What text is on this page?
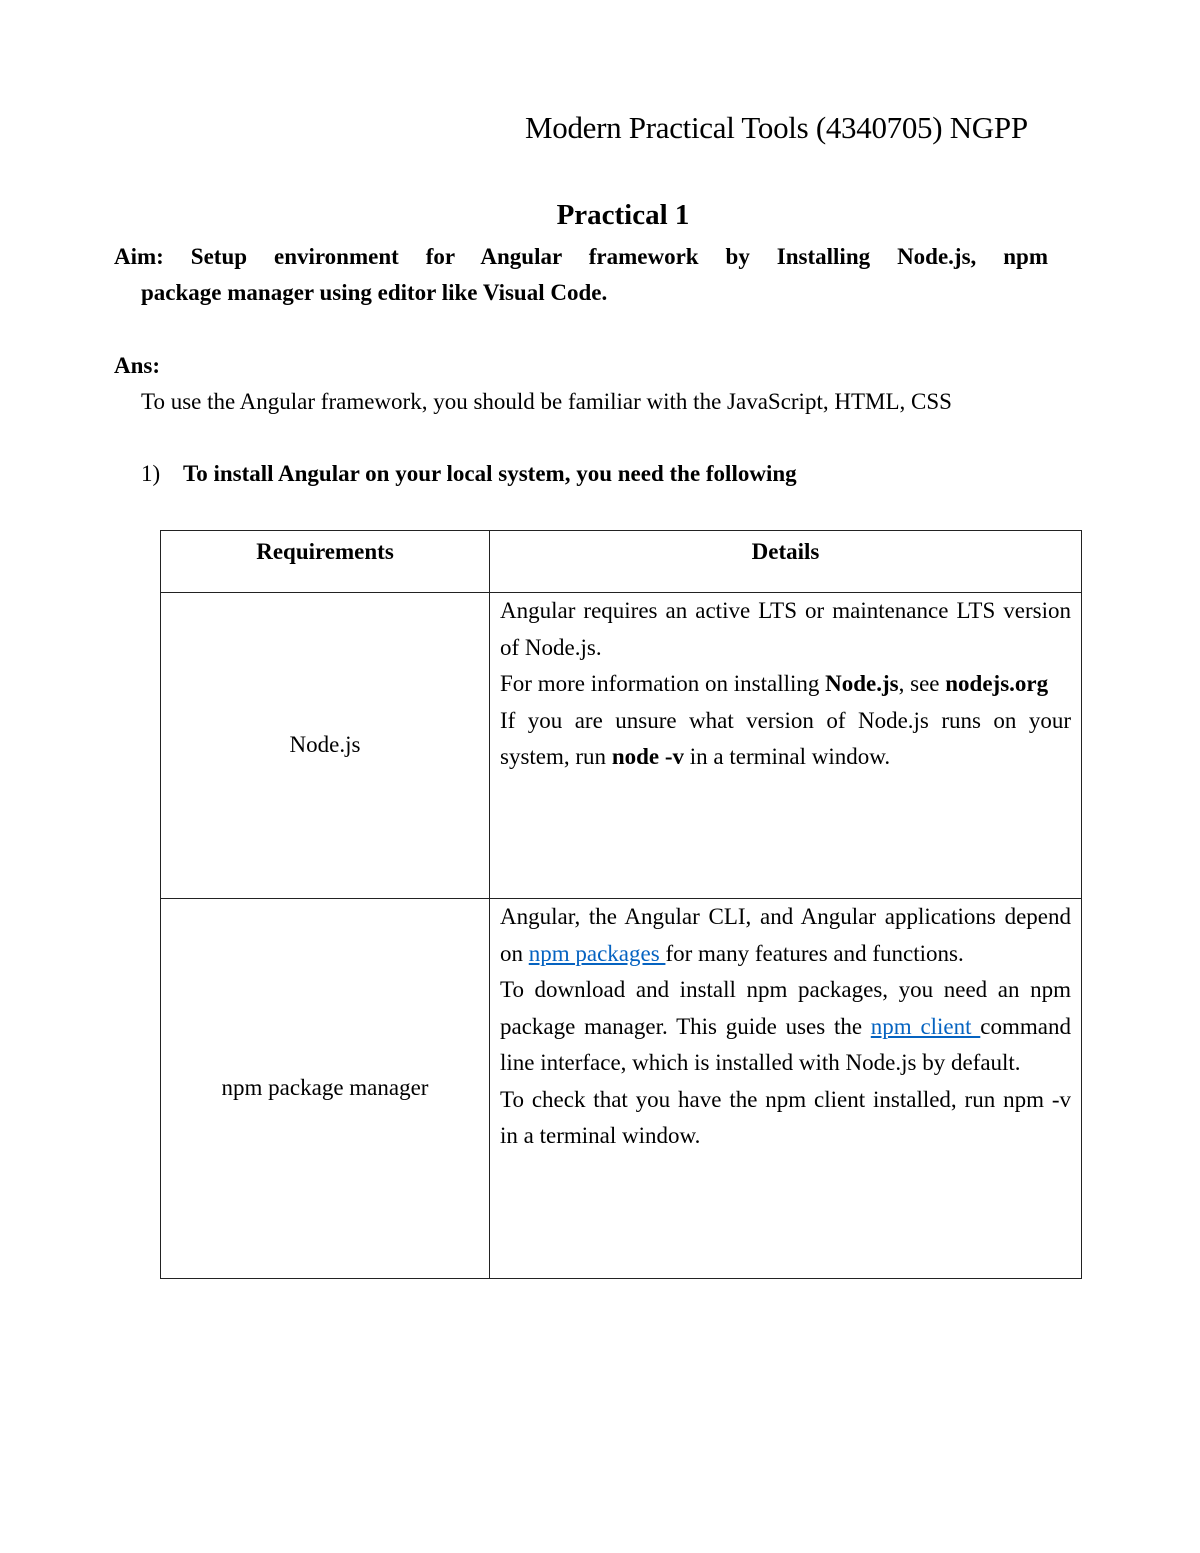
Modern Practical Tools (4340705) NGPP
Practical 1
Aim: Setup environment for Angular framework by Installing Node.js, npm
package manager using editor like Visual Code.
Ans:
To use the Angular framework, you should be familiar with the JavaScript, HTML, CSS
1) To install Angular on your local system, you need the following
Requirements	Details
Node.js	Angular requires an active LTS or maintenance LTS version of Node.js.

For more information on installing Node.js, see nodejs.org

If you are unsure what version of Node.js runs on your system, run node -v in a terminal window.

npm package manager	Angular, the Angular CLI, and Angular applications depend on npm packages for many features and functions.

To download and install npm packages, you need an npm package manager. This guide uses the npm client command line interface, which is installed with Node.js by default.

To check that you have the npm client installed, run npm -v in a terminal window.
